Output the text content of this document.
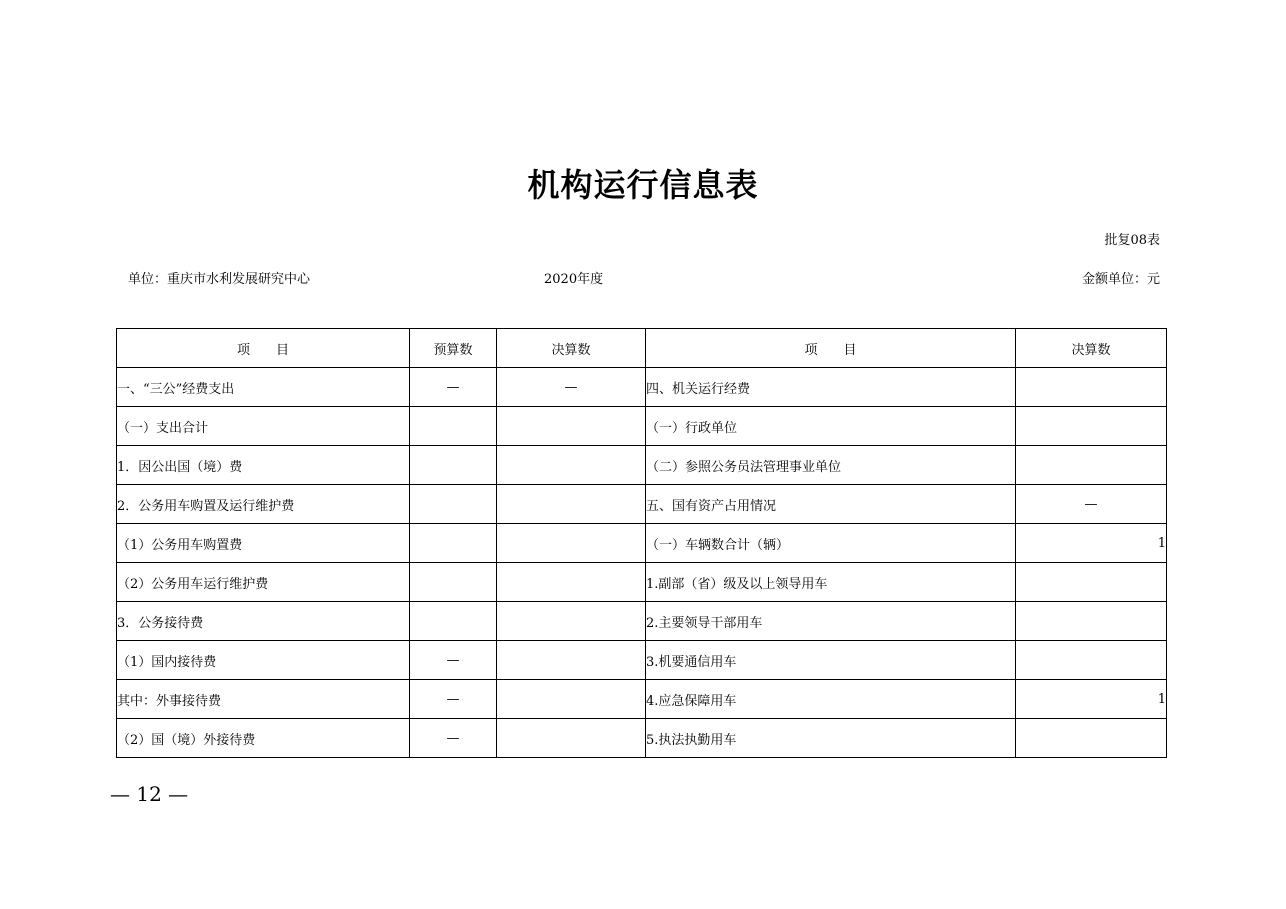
机构运行信息表
批复08表
单位：重庆市水利发展研究中心	2020年度	金额单位：元
项　　目	预算数	决算数	项　　目	决算数
一、“三公”经费支出	—	—	四、机关运行经费	
（一）支出合计			（一）行政单位	
1．因公出国（境）费			（二）参照公务员法管理事业单位	
2．公务用车购置及运行维护费			五、国有资产占用情况	—
（1）公务用车购置费			（一）车辆数合计（辆）	1
（2）公务用车运行维护费			1.副部（省）级及以上领导用车	
3．公务接待费			2.主要领导干部用车	
（1）国内接待费	—		3.机要通信用车	
其中：外事接待费	—		4.应急保障用车	1
（2）国（境）外接待费	—		5.执法执勤用车	
— 12 —
